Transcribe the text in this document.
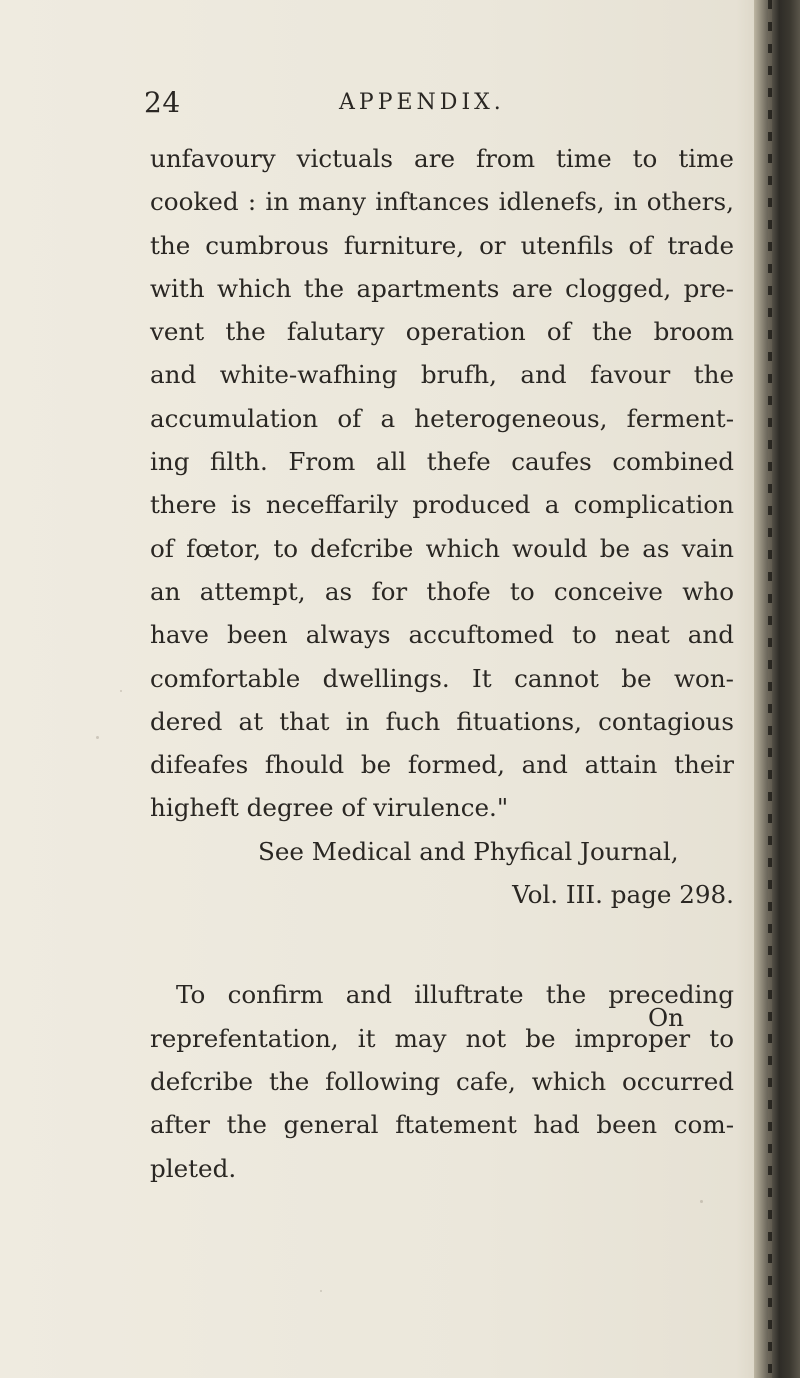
24	APPENDIX.
unfavoury victuals are from time to time
cooked : in many inftances idlenefs, in others,
the cumbrous furniture, or utenfils of trade
with which the apartments are clogged, pre-
vent the falutary operation of the broom
and white-wafhing brufh, and favour the
accumulation of a heterogeneous, ferment-
ing filth. From all thefe caufes combined
there is neceffarily produced a complication
of fœtor, to defcribe which would be as vain
an attempt, as for thofe to conceive who
have been always accuftomed to neat and
comfortable dwellings. It cannot be won-
dered at that in fuch fituations, contagious
difeafes fhould be formed, and attain their
higheft degree of virulence."
See Medical and Phyfical Journal,
Vol. III. page 298.
To confirm and illuftrate the preceding
reprefentation, it may not be improper to
defcribe the following cafe, which occurred
after the general ftatement had been com-
pleted.
On
